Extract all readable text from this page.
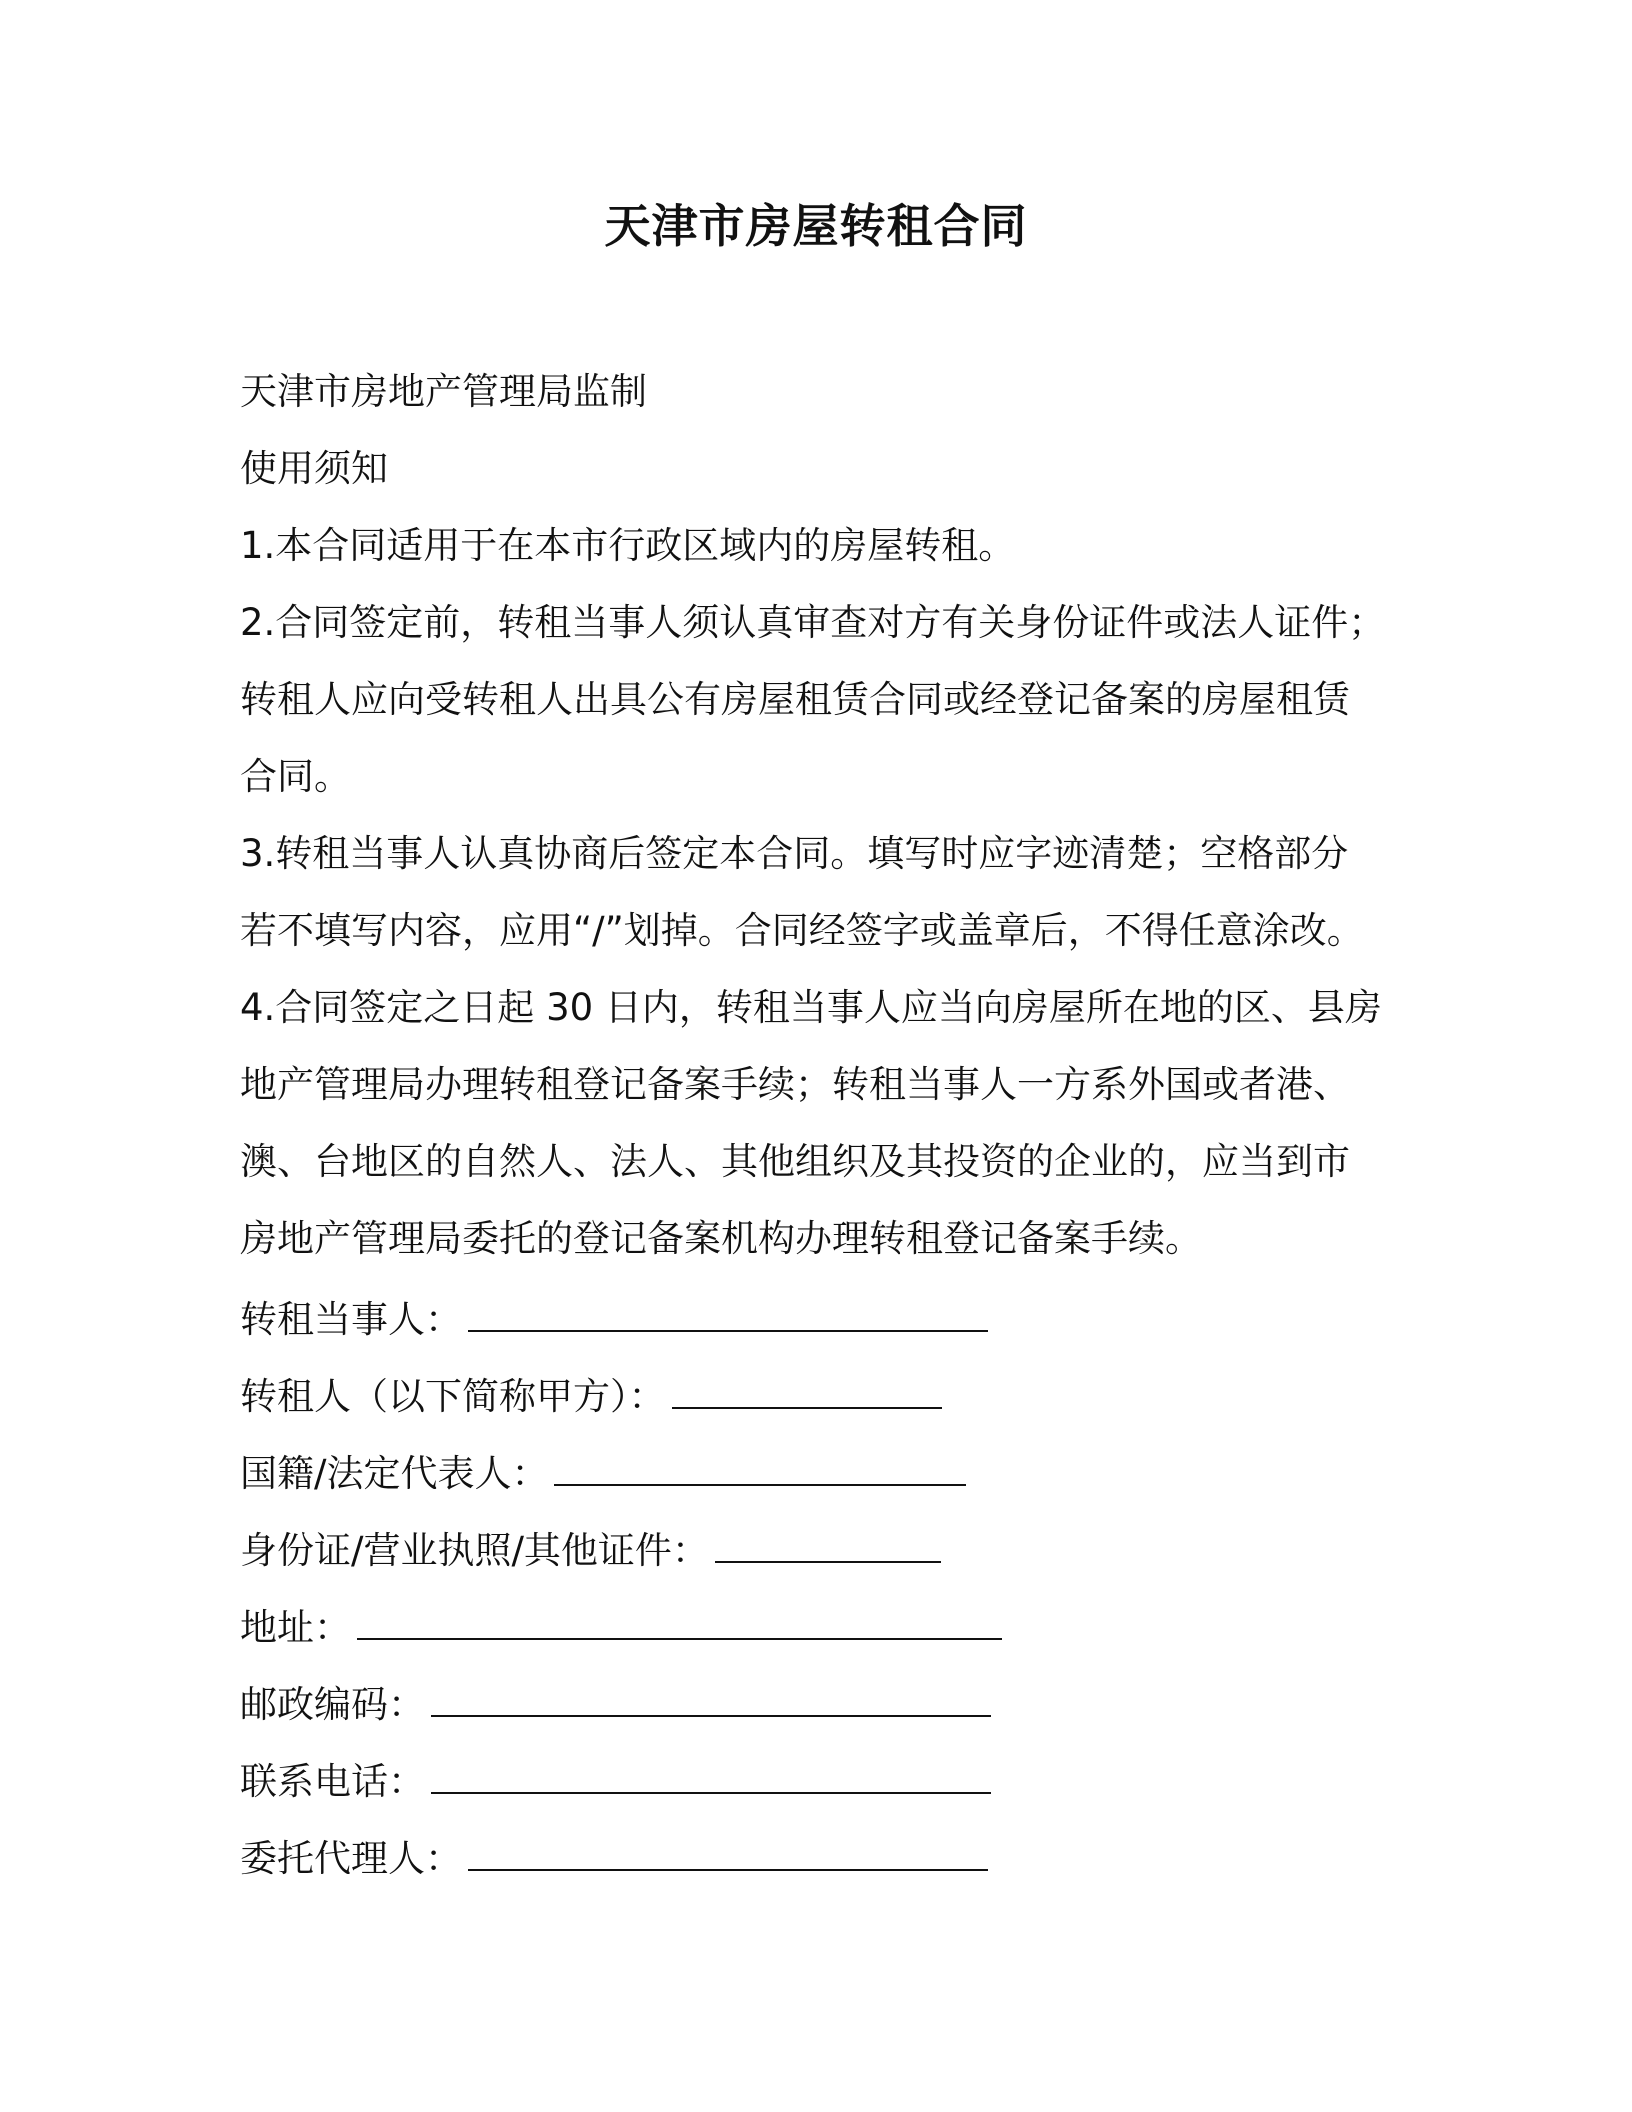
天津市房屋转租合同
天津市房地产管理局监制
使用须知
1.本合同适用于在本市行政区域内的房屋转租。
2.合同签定前，转租当事人须认真审查对方有关身份证件或法人证件；
转租人应向受转租人出具公有房屋租赁合同或经登记备案的房屋租赁
合同。
3.转租当事人认真协商后签定本合同。填写时应字迹清楚；空格部分
若不填写内容，应用“/”划掉。合同经签字或盖章后，不得任意涂改。
4.合同签定之日起 30 日内，转租当事人应当向房屋所在地的区、县房
地产管理局办理转租登记备案手续；转租当事人一方系外国或者港、
澳、台地区的自然人、法人、其他组织及其投资的企业的，应当到市
房地产管理局委托的登记备案机构办理转租登记备案手续。
转租当事人：
转租人（以下简称甲方）：
国籍/法定代表人：
身份证/营业执照/其他证件：
地址：
邮政编码：
联系电话：
委托代理人：
